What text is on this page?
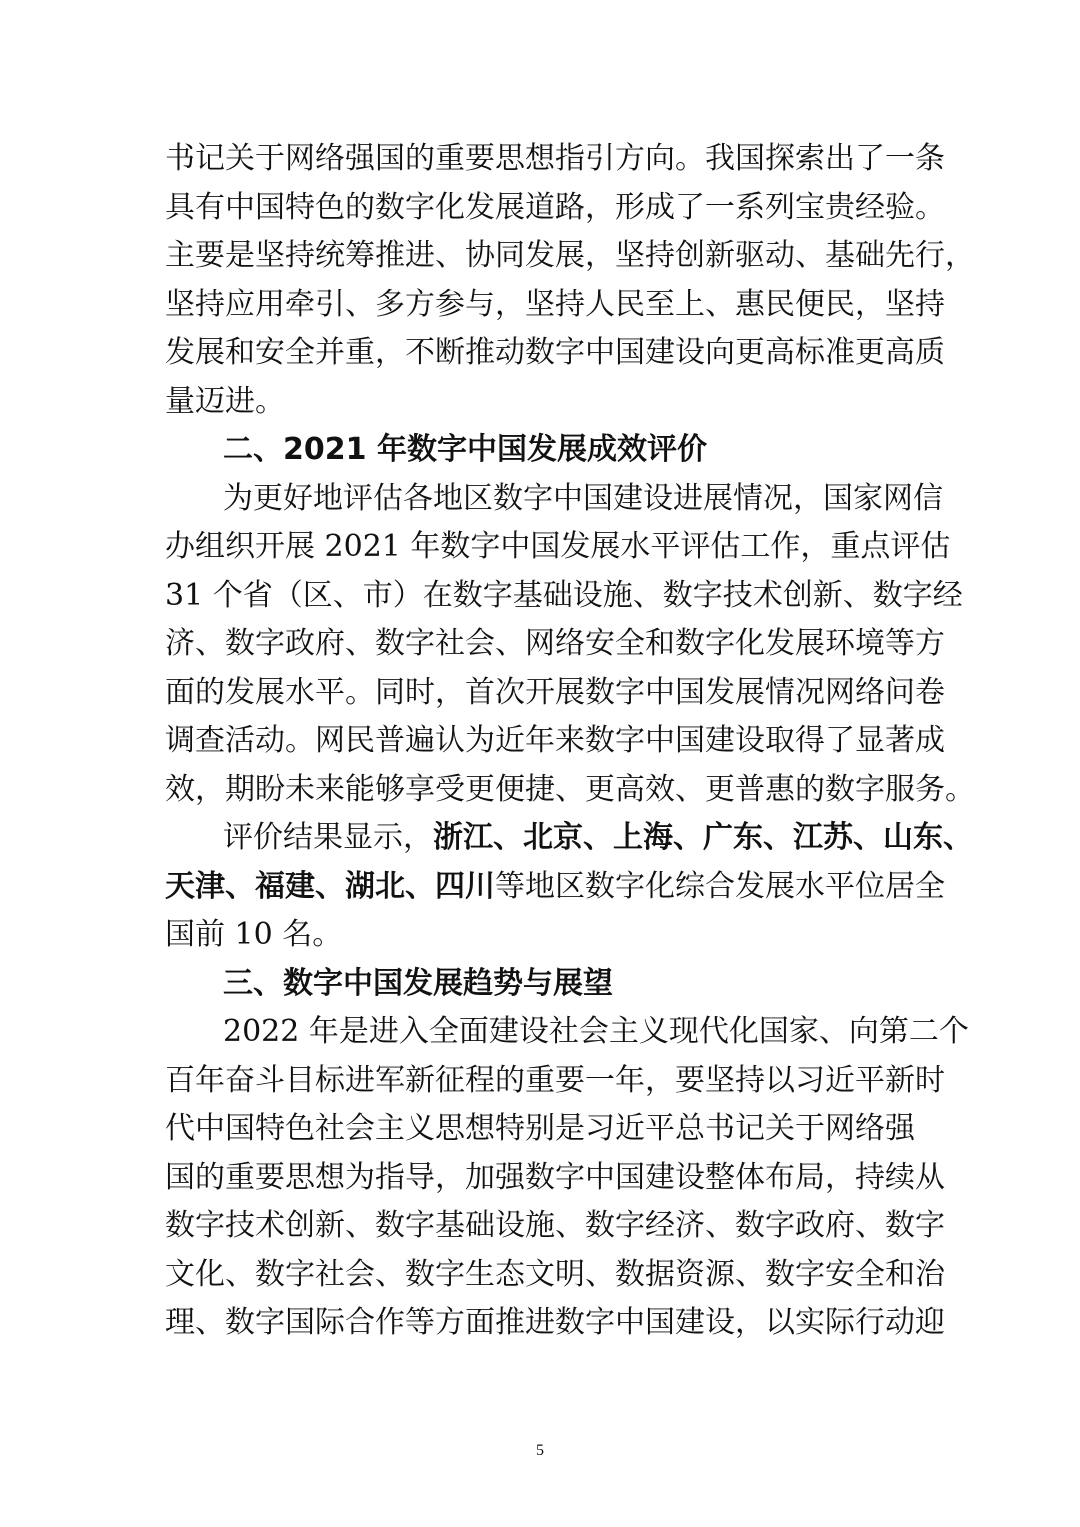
书记关于网络强国的重要思想指引方向。我国探索出了一条
具有中国特色的数字化发展道路，形成了一系列宝贵经验。
主要是坚持统筹推进、协同发展，坚持创新驱动、基础先行，
坚持应用牵引、多方参与，坚持人民至上、惠民便民，坚持
发展和安全并重，不断推动数字中国建设向更高标准更高质
量迈进。
二、2021 年数字中国发展成效评价
为更好地评估各地区数字中国建设进展情况，国家网信
办组织开展 2021 年数字中国发展水平评估工作，重点评估
31 个省（区、市）在数字基础设施、数字技术创新、数字经
济、数字政府、数字社会、网络安全和数字化发展环境等方
面的发展水平。同时，首次开展数字中国发展情况网络问卷
调查活动。网民普遍认为近年来数字中国建设取得了显著成
效，期盼未来能够享受更便捷、更高效、更普惠的数字服务。
评价结果显示，浙江、北京、上海、广东、江苏、山东、
天津、福建、湖北、四川等地区数字化综合发展水平位居全
国前 10 名。
三、数字中国发展趋势与展望
2022 年是进入全面建设社会主义现代化国家、向第二个
百年奋斗目标进军新征程的重要一年，要坚持以习近平新时
代中国特色社会主义思想特别是习近平总书记关于网络强
国的重要思想为指导，加强数字中国建设整体布局，持续从
数字技术创新、数字基础设施、数字经济、数字政府、数字
文化、数字社会、数字生态文明、数据资源、数字安全和治
理、数字国际合作等方面推进数字中国建设，以实际行动迎
5
